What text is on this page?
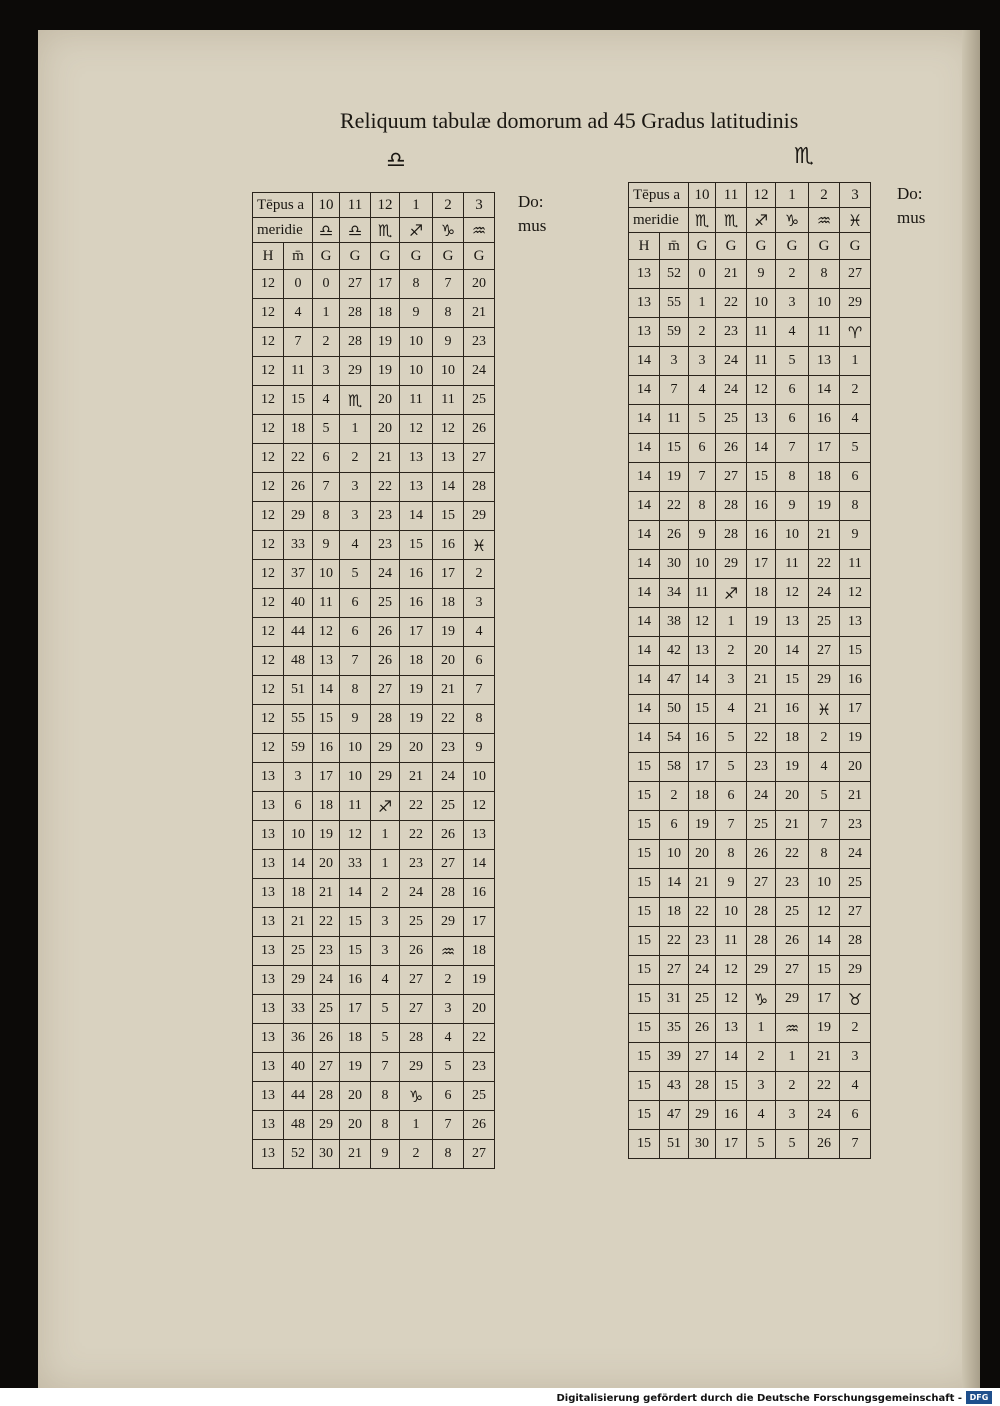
Reliquum tabulæ domorum ad 45 Gradus latitudinis
♎	♏
Do:
mus
Do:
mus
Tēpus a		10	11	12	1	2	3
meridie		♎	♎	♏	♐	♑	♒
H	m̄	G	G	G	G	G	G
12	0	0	27	17	8	7	20
12	4	1	28	18	9	8	21
12	7	2	28	19	10	9	23
12	11	3	29	19	10	10	24
12	15	4	♏	20	11	11	25
12	18	5	1	20	12	12	26
12	22	6	2	21	13	13	27
12	26	7	3	22	13	14	28
12	29	8	3	23	14	15	29
12	33	9	4	23	15	16	♓
12	37	10	5	24	16	17	2
12	40	11	6	25	16	18	3
12	44	12	6	26	17	19	4
12	48	13	7	26	18	20	6
12	51	14	8	27	19	21	7
12	55	15	9	28	19	22	8
12	59	16	10	29	20	23	9
13	3	17	10	29	21	24	10
13	6	18	11	♐	22	25	12
13	10	19	12	1	22	26	13
13	14	20	33	1	23	27	14
13	18	21	14	2	24	28	16
13	21	22	15	3	25	29	17
13	25	23	15	3	26	♒	18
13	29	24	16	4	27	2	19
13	33	25	17	5	27	3	20
13	36	26	18	5	28	4	22
13	40	27	19	7	29	5	23
13	44	28	20	8	♑	6	25
13	48	29	20	8	1	7	26
13	52	30	21	9	2	8	27
Tēpus a		10	11	12	1	2	3
meridie		♏	♏	♐	♑	♒	♓
H	m̄	G	G	G	G	G	G
13	52	0	21	9	2	8	27
13	55	1	22	10	3	10	29
13	59	2	23	11	4	11	♈
14	3	3	24	11	5	13	1
14	7	4	24	12	6	14	2
14	11	5	25	13	6	16	4
14	15	6	26	14	7	17	5
14	19	7	27	15	8	18	6
14	22	8	28	16	9	19	8
14	26	9	28	16	10	21	9
14	30	10	29	17	11	22	11
14	34	11	♐	18	12	24	12
14	38	12	1	19	13	25	13
14	42	13	2	20	14	27	15
14	47	14	3	21	15	29	16
14	50	15	4	21	16	♓	17
14	54	16	5	22	18	2	19
15	58	17	5	23	19	4	20
15	2	18	6	24	20	5	21
15	6	19	7	25	21	7	23
15	10	20	8	26	22	8	24
15	14	21	9	27	23	10	25
15	18	22	10	28	25	12	27
15	22	23	11	28	26	14	28
15	27	24	12	29	27	15	29
15	31	25	12	♑	29	17	♉
15	35	26	13	1	♒	19	2
15	39	27	14	2	1	21	3
15	43	28	15	3	2	22	4
15	47	29	16	4	3	24	6
15	51	30	17	5	5	26	7
Digitalisierung gefördert durch die Deutsche Forschungsgemeinschaft - DFG
